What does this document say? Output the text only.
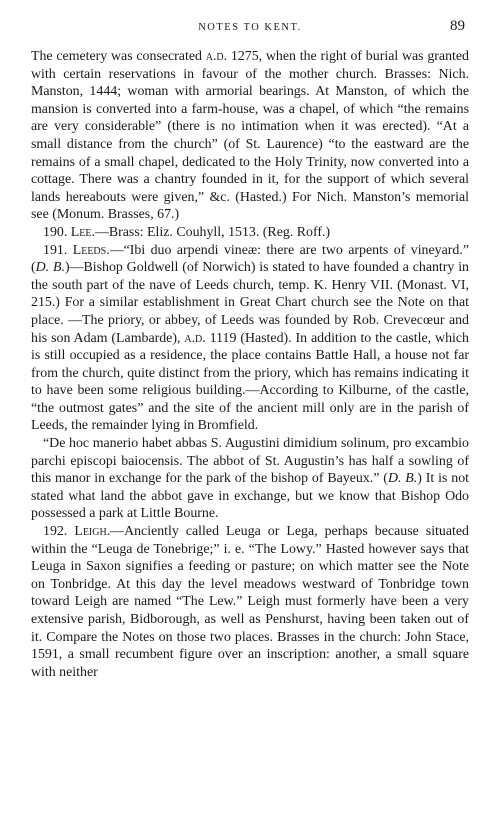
NOTES TO KENT.	89

The cemetery was consecrated a.d. 1275, when the right of burial was granted with certain reservations in favour of the mother church. Brasses: Nich. Manston, 1444; woman with armorial bearings. At Manston, of which the mansion is converted into a farm-house, was a chapel, of which “the remains are very considerable” (there is no intimation when it was erected). “At a small distance from the church” (of St. Laurence) “to the eastward are the remains of a small chapel, dedicated to the Holy Trinity, now converted into a cottage. There was a chantry founded in it, for the support of which several lands hereabouts were given,” &c. (Hasted.) For Nich. Manston’s memorial see (Monum. Brasses, 67.)

190. Lee.—Brass: Eliz. Couhyll, 1513. (Reg. Roff.)

191. Leeds.—“Ibi duo arpendi vineæ: there are two arpents of vineyard.” (D. B.)—Bishop Goldwell (of Norwich) is stated to have founded a chantry in the south part of the nave of Leeds church, temp. K. Henry VII. (Monast. VI, 215.) For a similar establishment in Great Chart church see the Note on that place. —The priory, or abbey, of Leeds was founded by Rob. Crevecœur and his son Adam (Lambarde), a.d. 1119 (Hasted). In addition to the castle, which is still occupied as a residence, the place contains Battle Hall, a house not far from the church, quite distinct from the priory, which has remains indicating it to have been some religious building.—According to Kilburne, of the castle, “the outmost gates” and the site of the ancient mill only are in the parish of Leeds, the remainder lying in Bromfield.

“De hoc manerio habet abbas S. Augustini dimidium solinum, pro excambio parchi episcopi baiocensis. The abbot of St. Augustin’s has half a sowling of this manor in exchange for the park of the bishop of Bayeux.” (D. B.) It is not stated what land the abbot gave in exchange, but we know that Bishop Odo possessed a park at Little Bourne.

192. Leigh.—Anciently called Leuga or Lega, perhaps because situated within the “Leuga de Tonebrige;” i. e. “The Lowy.” Hasted however says that Leuga in Saxon signifies a feeding or pasture; on which matter see the Note on Tonbridge. At this day the level meadows westward of Tonbridge town toward Leigh are named “The Lew.” Leigh must formerly have been a very extensive parish, Bidborough, as well as Penshurst, having been taken out of it. Compare the Notes on those two places. Brasses in the church: John Stace, 1591, a small recumbent figure over an inscription: another, a small square with neither
